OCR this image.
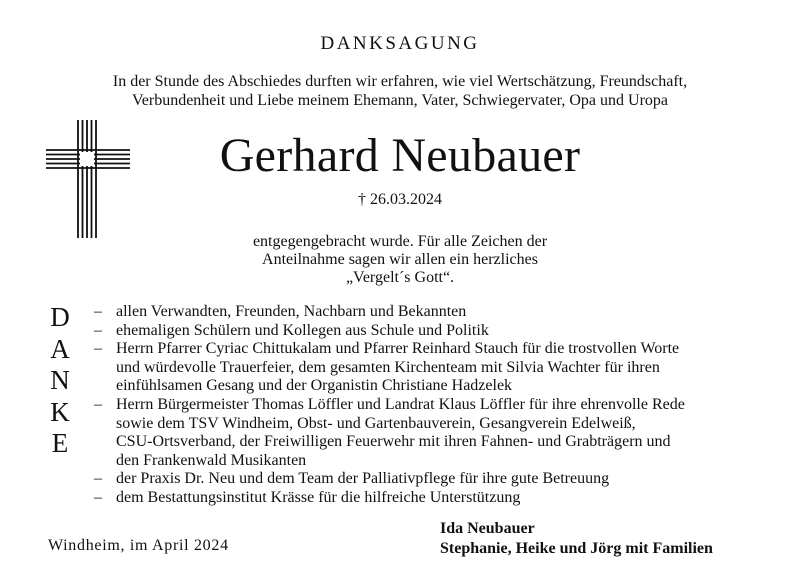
DANKSAGUNG
In der Stunde des Abschiedes durften wir erfahren, wie viel Wertschätzung, Freundschaft,
Verbundenheit und Liebe meinem Ehemann, Vater, Schwiegervater, Opa und Uropa
Gerhard Neubauer
† 26.03.2024
entgegengebracht wurde. Für alle Zeichen der
Anteilnahme sagen wir allen ein herzliches
„Vergelt´s Gott“.
D
A
N
K
E
– allen Verwandten, Freunden, Nachbarn und Bekannten
– ehemaligen Schülern und Kollegen aus Schule und Politik
– Herrn Pfarrer Cyriac Chittukalam und Pfarrer Reinhard Stauch für die trostvollen Worte
und würdevolle Trauerfeier, dem gesamten Kirchenteam mit Silvia Wachter für ihren
einfühlsamen Gesang und der Organistin Christiane Hadzelek
– Herrn Bürgermeister Thomas Löffler und Landrat Klaus Löffler für ihre ehrenvolle Rede
sowie dem TSV Windheim, Obst- und Gartenbauverein, Gesangverein Edelweiß,
CSU-Ortsverband, der Freiwilligen Feuerwehr mit ihren Fahnen- und Grabträgern und
den Frankenwald Musikanten
– der Praxis Dr. Neu und dem Team der Palliativpflege für ihre gute Betreuung
– dem Bestattungsinstitut Krässe für die hilfreiche Unterstützung
Windheim, im April 2024
Ida Neubauer
Stephanie, Heike und Jörg mit Familien
